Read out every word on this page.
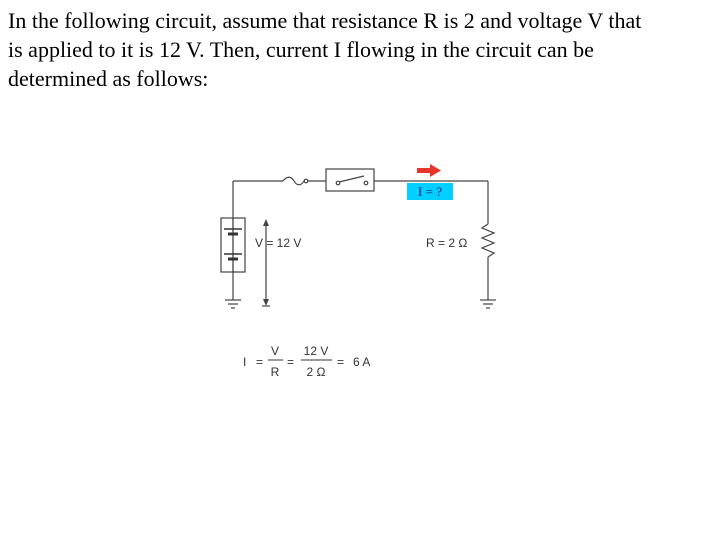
In the following circuit, assume that resistance R is 2 and voltage V that
is applied to it is 12 V. Then, current I flowing in the circuit can be
determined as follows:
I = ?
V = 12 V	R = 2 Ω
I =
V
R
=
12 V
2 Ω
= 6 A
